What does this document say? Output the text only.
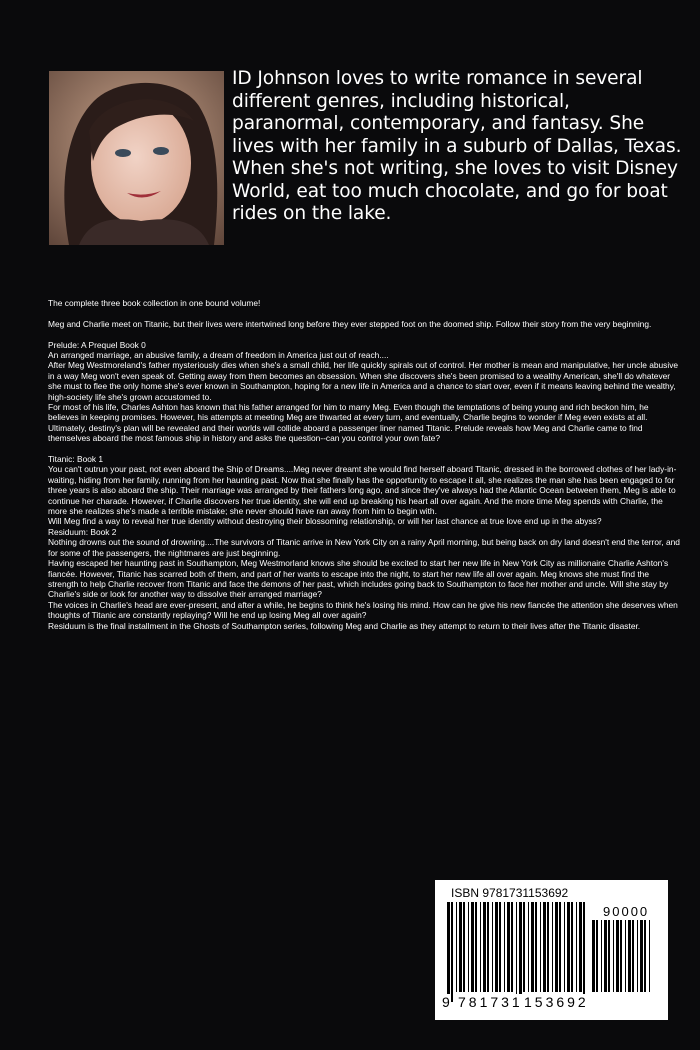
ID Johnson loves to write romance in several different genres, including historical, paranormal, contemporary, and fantasy. She lives with her family in a suburb of Dallas, Texas. When she's not writing, she loves to visit Disney World, eat too much chocolate, and go for boat rides on the lake.

The complete three book collection in one bound volume!

Meg and Charlie meet on Titanic, but their lives were intertwined long before they ever stepped foot on the doomed ship. Follow their story from the very beginning.

Prelude: A Prequel Book 0

An arranged marriage, an abusive family, a dream of freedom in America just out of reach....

After Meg Westmoreland's father mysteriously dies when she's a small child, her life quickly spirals out of control. Her mother is mean and manipulative, her uncle abusive in a way Meg won't even speak of. Getting away from them becomes an obsession. When she discovers she's been promised to a wealthy American, she'll do whatever she must to flee the only home she's ever known in Southampton, hoping for a new life in America and a chance to start over, even if it means leaving behind the wealthy, high-society life she's grown accustomed to.

For most of his life, Charles Ashton has known that his father arranged for him to marry Meg. Even though the temptations of being young and rich beckon him, he believes in keeping promises. However, his attempts at meeting Meg are thwarted at every turn, and eventually, Charlie begins to wonder if Meg even exists at all.

Ultimately, destiny's plan will be revealed and their worlds will collide aboard a passenger liner named Titanic. Prelude reveals how Meg and Charlie came to find themselves aboard the most famous ship in history and asks the question--can you control your own fate?

Titanic: Book 1

You can't outrun your past, not even aboard the Ship of Dreams....Meg never dreamt she would find herself aboard Titanic, dressed in the borrowed clothes of her lady-in-waiting, hiding from her family, running from her haunting past. Now that she finally has the opportunity to escape it all, she realizes the man she has been engaged to for three years is also aboard the ship. Their marriage was arranged by their fathers long ago, and since they've always had the Atlantic Ocean between them, Meg is able to continue her charade. However, if Charlie discovers her true identity, she will end up breaking his heart all over again. And the more time Meg spends with Charlie, the more she realizes she's made a terrible mistake; she never should have ran away from him to begin with.

Will Meg find a way to reveal her true identity without destroying their blossoming relationship, or will her last chance at true love end up in the abyss?

Residuum: Book 2

Nothing drowns out the sound of drowning....The survivors of Titanic arrive in New York City on a rainy April morning, but being back on dry land doesn't end the terror, and for some of the passengers, the nightmares are just beginning.

Having escaped her haunting past in Southampton, Meg Westmorland knows she should be excited to start her new life in New York City as millionaire Charlie Ashton's fiancée. However, Titanic has scarred both of them, and part of her wants to escape into the night, to start her new life all over again. Meg knows she must find the strength to help Charlie recover from Titanic and face the demons of her past, which includes going back to Southampton to face her mother and uncle. Will she stay by Charlie's side or look for another way to dissolve their arranged marriage?

The voices in Charlie's head are ever-present, and after a while, he begins to think he's losing his mind. How can he give his new fiancée the attention she deserves when thoughts of Titanic are constantly replaying? Will he end up losing Meg all over again?

Residuum is the final installment in the Ghosts of Southampton series, following Meg and Charlie as they attempt to return to their lives after the Titanic disaster.

ISBN 9781731153692
90000
9 781731 153692
